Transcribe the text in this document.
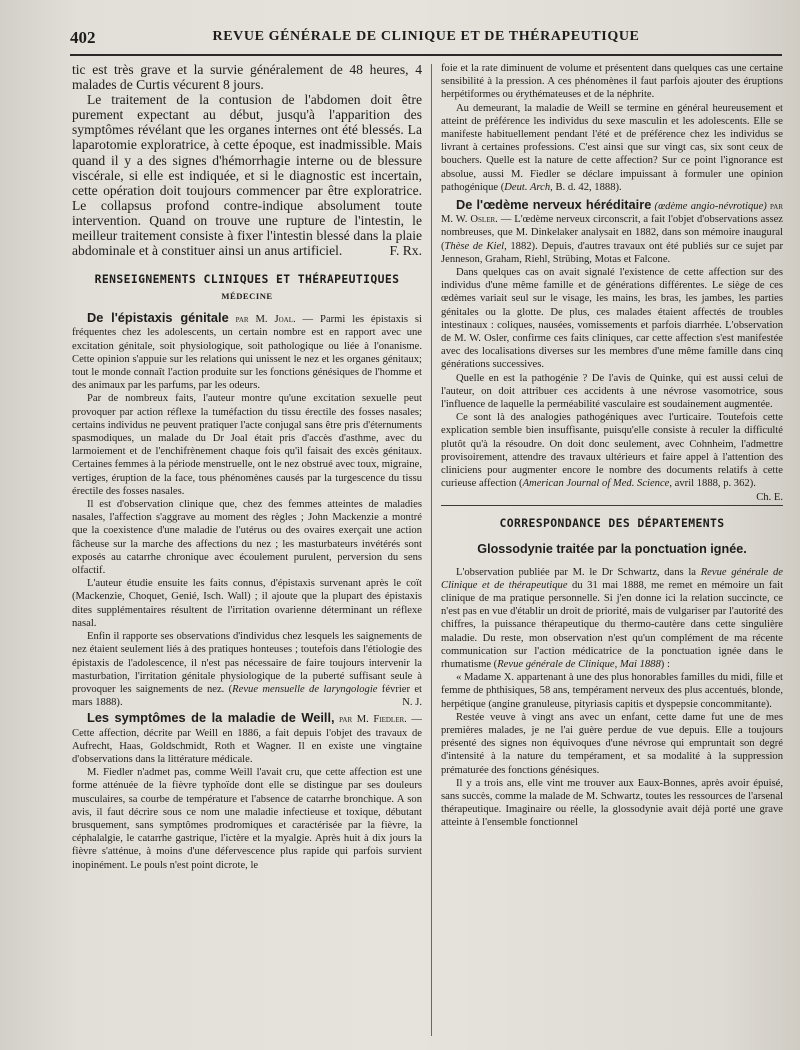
402	REVUE GÉNÉRALE DE CLINIQUE ET DE THÉRAPEUTIQUE

tic est très grave et la survie généralement de 48 heures, 4 malades de Curtis vécurent 8 jours.

Le traitement de la contusion de l'abdomen doit être purement expectant au début, jusqu'à l'apparition des symptômes révélant que les organes internes ont été blessés. La laparotomie exploratrice, à cette époque, est inadmissible. Mais quand il y a des signes d'hémorrhagie interne ou de blessure viscérale, si elle est indiquée, et si le diagnostic est incertain, cette opération doit toujours commencer par être exploratrice. Le collapsus profond contre-indique absolument toute intervention. Quand on trouve une rupture de l'intestin, le meilleur traitement consiste à fixer l'intestin blessé dans la plaie abdominale et à constituer ainsi un anus artificiel.	F. Rx.

RENSEIGNEMENTS CLINIQUES ET THÉRAPEUTIQUES
MÉDECINE

De l'épistaxis génitale par M. Joal. — Parmi les épistaxis si fréquentes chez les adolescents, un certain nombre est en rapport avec une excitation génitale, soit physiologique, soit pathologique ou liée à l'onanisme. Cette opinion s'appuie sur les relations qui unissent le nez et les organes génitaux; tout le monde connaît l'action produite sur les fonctions génésiques de l'homme et des animaux par les parfums, par les odeurs.

Par de nombreux faits, l'auteur montre qu'une excitation sexuelle peut provoquer par action réflexe la tuméfaction du tissu érectile des fosses nasales; certains individus ne peuvent pratiquer l'acte conjugal sans être pris d'éternuments spasmodiques, un malade du Dr Joal était pris d'accès d'asthme, avec du larmoiement et de l'enchifrènement chaque fois qu'il faisait des excès génitaux. Certaines femmes à la période menstruelle, ont le nez obstrué avec toux, migraine, vertiges, éruption de la face, tous phénomènes causés par la turgescence du tissu érectile des fosses nasales.

Il est d'observation clinique que, chez des femmes atteintes de maladies nasales, l'affection s'aggrave au moment des règles ; John Mackenzie a montré que la coexistence d'une maladie de l'utérus ou des ovaires exerçait une action fâcheuse sur la marche des affections du nez ; les masturbateurs invétérés sont exposés au catarrhe chronique avec écoulement purulent, perversion du sens olfactif.

L'auteur étudie ensuite les faits connus, d'épistaxis survenant après le coït (Mackenzie, Choquet, Genié, Isch. Wall) ; il ajoute que la plupart des épistaxis dites supplémentaires résultent de l'irritation ovarienne déterminant un réflexe nasal.

Enfin il rapporte ses observations d'individus chez lesquels les saignements de nez étaient seulement liés à des pratiques honteuses ; toutefois dans l'étiologie des épistaxis de l'adolescence, il n'est pas nécessaire de faire toujours intervenir la masturbation, l'irritation génitale physiologique de la puberté suffisant seule à provoquer les saignements de nez. (Revue mensuelle de laryngologie février et mars 1888).	N. J.

Les symptômes de la maladie de Weill, par M. Fiedler. — Cette affection, décrite par Weill en 1886, a fait depuis l'objet des travaux de Aufrecht, Haas, Goldschmidt, Roth et Wagner. Il en existe une vingtaine d'observations dans la littérature médicale.

M. Fiedler n'admet pas, comme Weill l'avait cru, que cette affection est une forme atténuée de la fièvre typhoïde dont elle se distingue par ses douleurs musculaires, sa courbe de température et l'absence de catarrhe bronchique. A son avis, il faut décrire sous ce nom une maladie infectieuse et toxique, débutant brusquement, sans symptômes prodromiques et caractérisée par la fièvre, la céphalalgie, le catarrhe gastrique, l'ictère et la myalgie. Après huit à dix jours la fièvre s'atténue, à moins d'une défervescence plus rapide qui parfois survient inopinément. Le pouls n'est point dicrote, le

foie et la rate diminuent de volume et présentent dans quelques cas une certaine sensibilité à la pression. A ces phénomènes il faut parfois ajouter des éruptions herpétiformes ou érythémateuses et de la néphrite.

Au demeurant, la maladie de Weill se termine en général heureusement et atteint de préférence les individus du sexe masculin et les adolescents. Elle se manifeste habituellement pendant l'été et de préférence chez les individus se livrant à certaines professions. C'est ainsi que sur vingt cas, six sont ceux de bouchers. Quelle est la nature de cette affection? Sur ce point l'ignorance est absolue, aussi M. Fiedler se déclare impuissant à formuler une opinion pathogénique (Deut. Arch, B. d. 42, 1888).

De l'œdème nerveux héréditaire (œdème angio-névrotique) par M. W. Osler. — L'œdème nerveux circonscrit, a fait l'objet d'observations assez nombreuses, que M. Dinkelaker analysait en 1882, dans son mémoire inaugural (Thèse de Kiel, 1882). Depuis, d'autres travaux ont été publiés sur ce sujet par Jenneson, Graham, Riehl, Strübing, Motas et Falcone.

Dans quelques cas on avait signalé l'existence de cette affection sur des individus d'une même famille et de générations différentes. Le siège de ces œdèmes variait seul sur le visage, les mains, les bras, les jambes, les parties génitales ou la glotte. De plus, ces malades étaient affectés de troubles intestinaux : coliques, nausées, vomissements et parfois diarrhée. L'observation de M. W. Osler, confirme ces faits cliniques, car cette affection s'est manifestée avec des localisations diverses sur les membres d'une même famille dans cinq générations successives.

Quelle en est la pathogénie ? De l'avis de Quinke, qui est aussi celui de l'auteur, on doit attribuer ces accidents à une névrose vasomotrice, sous l'influence de laquelle la perméabilité vasculaire est soudainement augmentée.

Ce sont là des analogies pathogéniques avec l'urticaire. Toutefois cette explication semble bien insuffisante, puisqu'elle consiste à reculer la difficulté plutôt qu'à la résoudre. On doit donc seulement, avec Cohnheim, l'admettre provisoirement, attendre des travaux ultérieurs et faire appel à l'attention des cliniciens pour augmenter encore le nombre des documents relatifs à cette curieuse affection (American Journal of Med. Science, avril 1888, p. 362).
Ch. E.

CORRESPONDANCE DES DÉPARTEMENTS
Glossodynie traitée par la ponctuation ignée.

L'observation publiée par M. le Dr Schwartz, dans la Revue générale de Clinique et de thérapeutique du 31 mai 1888, me remet en mémoire un fait clinique de ma pratique personnelle. Si j'en donne ici la relation succincte, ce n'est pas en vue d'établir un droit de priorité, mais de vulgariser par l'autorité des chiffres, la puissance thérapeutique du thermo-cautère dans cette singulière maladie. Du reste, mon observation n'est qu'un complément de ma récente communication sur l'action médicatrice de la ponctuation ignée dans le rhumatisme (Revue générale de Clinique, Mai 1888) :

« Madame X. appartenant à une des plus honorables familles du midi, fille et femme de phthisiques, 58 ans, tempérament nerveux des plus accentués, blonde, herpétique (angine granuleuse, pityriasis capitis et dyspepsie concommitante).

Restée veuve à vingt ans avec un enfant, cette dame fut une de mes premières malades, je ne l'ai guère perdue de vue depuis. Elle a toujours présenté des signes non équivoques d'une névrose qui empruntait son degré d'intensité à la nature du tempérament, et sa modalité à la suppression prématurée des fonctions génésiques.

Il y a trois ans, elle vint me trouver aux Eaux-Bonnes, après avoir épuisé, sans succès, comme la malade de M. Schwartz, toutes les ressources de l'arsenal thérapeutique. Imaginaire ou réelle, la glossodynie avait déjà porté une grave atteinte à l'ensemble fonctionnel
